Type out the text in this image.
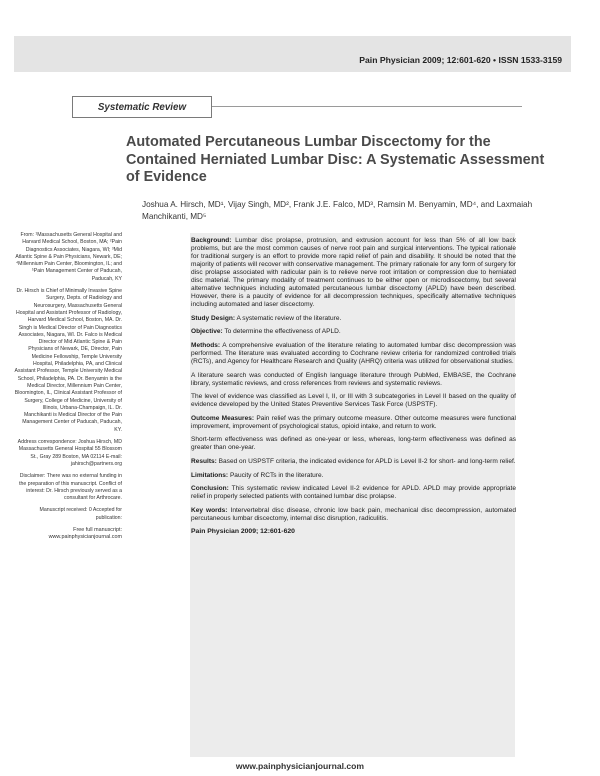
Pain Physician 2009; 12:601-620 • ISSN 1533-3159
Systematic Review
Automated Percutaneous Lumbar Discectomy for the Contained Herniated Lumbar Disc: A Systematic Assessment of Evidence
Joshua A. Hirsch, MD¹, Vijay Singh, MD², Frank J.E. Falco, MD³, Ramsin M. Benyamin, MD⁴, and Laxmaiah Manchikanti, MD⁵

From: ¹Massachusetts General Hospital and Harvard Medical School, Boston, MA; ²Pain Diagnostics Associates, Niagara, WI; ³Mid Atlantic Spine & Pain Physicians, Newark, DE; ⁴Millennium Pain Center, Bloomington, IL; and ⁵Pain Management Center of Paducah, Paducah, KY

Dr. Hirsch is Chief of Minimally Invasive Spine Surgery, Depts. of Radiology and Neurosurgery, Massachusetts General Hospital and Assistant Professor of Radiology, Harvard Medical School, Boston, MA. Dr. Singh is Medical Director of Pain Diagnostics Associates, Niagara, WI. Dr. Falco is Medical Director of Mid Atlantic Spine & Pain Physicians of Newark, DE, Director, Pain Medicine Fellowship, Temple University Hospital, Philadelphia, PA, and Clinical Assistant Professor, Temple University Medical School, Philadelphia, PA. Dr. Benyamin is the Medical Director, Millennium Pain Center, Bloomington, IL, Clinical Assistant Professor of Surgery, College of Medicine, University of Illinois, Urbana-Champaign, IL. Dr. Manchikanti is Medical Director of the Pain Management Center of Paducah, Paducah, KY.

Address correspondence: Joshua Hirsch, MD Massachusetts General Hospital 55 Blossom St., Gray 289 Boston, MA 02114 E-mail: jahirsch@partners.org

Disclaimer: There was no external funding in the preparation of this manuscript. Conflict of interest: Dr. Hirsch previously served as a consultant for Arthrocare.

Manuscript received: 0 Accepted for publication:

Free full manuscript: www.painphysicianjournal.com

Background: Lumbar disc prolapse, protrusion, and extrusion account for less than 5% of all low back problems, but are the most common causes of nerve root pain and surgical interventions. The typical rationale for traditional surgery is an effort to provide more rapid relief of pain and disability. It should be noted that the majority of patients will recover with conservative management. The primary rationale for any form of surgery for disc prolapse associated with radicular pain is to relieve nerve root irritation or compression due to herniated disc material. The primary modality of treatment continues to be either open or microdiscectomy, but several alternative techniques including automated percutaneous lumbar discectomy (APLD) have been described. However, there is a paucity of evidence for all decompression techniques, specifically alternative techniques including automated and laser discectomy.

Study Design: A systematic review of the literature.

Objective: To determine the effectiveness of APLD.

Methods: A comprehensive evaluation of the literature relating to automated lumbar disc decompression was performed. The literature was evaluated according to Cochrane review criteria for randomized controlled trials (RCTs), and Agency for Healthcare Research and Quality (AHRQ) criteria was utilized for observational studies.

A literature search was conducted of English language literature through PubMed, EMBASE, the Cochrane library, systematic reviews, and cross references from reviews and systematic reviews.

The level of evidence was classified as Level I, II, or III with 3 subcategories in Level II based on the quality of evidence developed by the United States Preventive Services Task Force (USPSTF).

Outcome Measures: Pain relief was the primary outcome measure. Other outcome measures were functional improvement, improvement of psychological status, opioid intake, and return to work.

Short-term effectiveness was defined as one-year or less, whereas, long-term effectiveness was defined as greater than one-year.

Results: Based on USPSTF criteria, the indicated evidence for APLD is Level II-2 for short- and long-term relief.

Limitations: Paucity of RCTs in the literature.

Conclusion: This systematic review indicated Level II-2 evidence for APLD. APLD may provide appropriate relief in properly selected patients with contained lumbar disc prolapse.

Key words: Intervertebral disc disease, chronic low back pain, mechanical disc decompression, automated percutaneous lumbar discectomy, internal disc disruption, radiculitis.

Pain Physician 2009; 12:601-620

www.painphysicianjournal.com
